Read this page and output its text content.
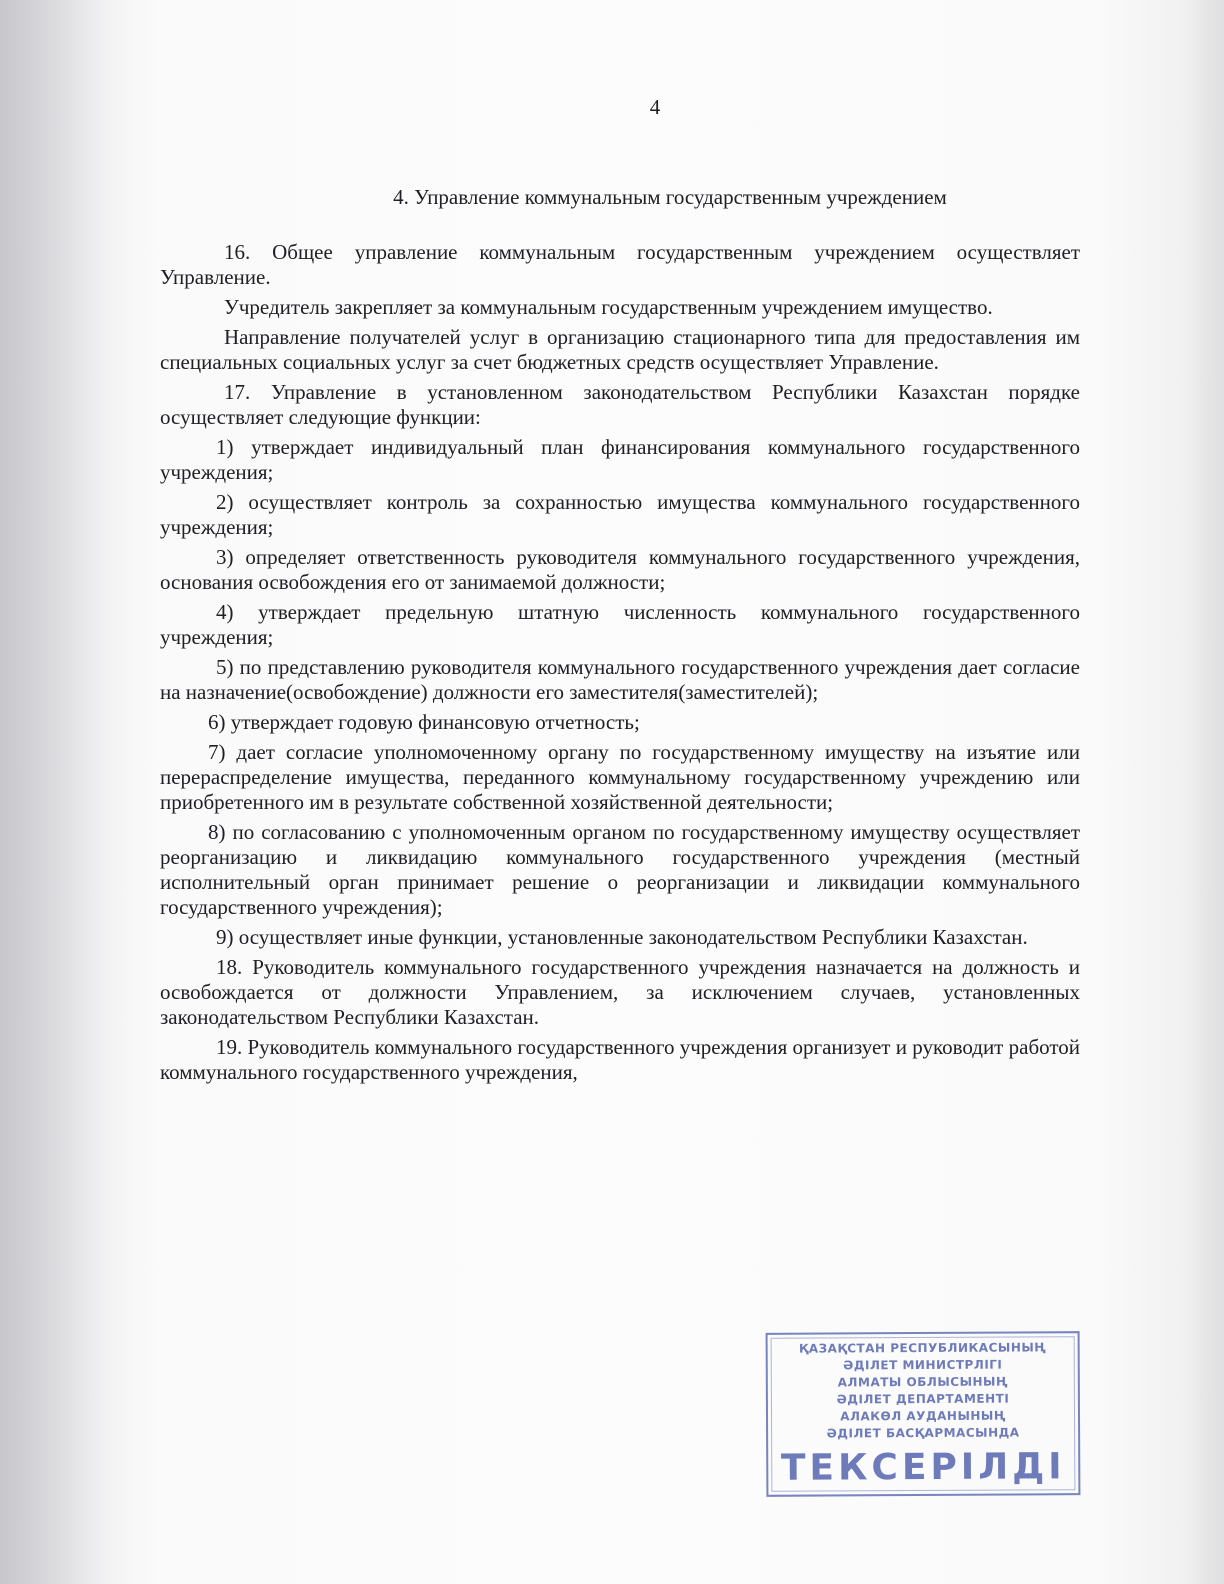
4
4. Управление коммунальным государственным учреждением

16. Общее управление коммунальным государственным учреждением осуществляет Управление.

Учредитель закрепляет за коммунальным государственным учреждением имущество.

Направление получателей услуг в организацию стационарного типа для предоставления им специальных социальных услуг за счет бюджетных средств осуществляет Управление.

17. Управление в установленном законодательством Республики Казахстан порядке осуществляет следующие функции:

1) утверждает индивидуальный план финансирования коммунального государственного учреждения;

2) осуществляет контроль за сохранностью имущества коммунального государственного учреждения;

3) определяет ответственность руководителя коммунального государственного учреждения, основания освобождения его от занимаемой должности;

4) утверждает предельную штатную численность коммунального государственного учреждения;

5) по представлению руководителя коммунального государственного учреждения дает согласие на назначение(освобождение) должности его заместителя(заместителей);

6) утверждает годовую финансовую отчетность;

7) дает согласие уполномоченному органу по государственному имуществу на изъятие или перераспределение имущества, переданного коммунальному государственному учреждению или приобретенного им в результате собственной хозяйственной деятельности;

8) по согласованию с уполномоченным органом по государственному имуществу осуществляет реорганизацию и ликвидацию коммунального государственного учреждения (местный исполнительный орган принимает решение о реорганизации и ликвидации коммунального государственного учреждения);

9) осуществляет иные функции, установленные законодательством Республики Казахстан.

18. Руководитель коммунального государственного учреждения назначается на должность и освобождается от должности Управлением, за исключением случаев, установленных законодательством Республики Казахстан.

19. Руководитель коммунального государственного учреждения организует и руководит работой коммунального государственного учреждения,

ҚАЗАҚСТАН РЕСПУБЛИКАСЫНЫҢ
ӘДІЛЕТ МИНИСТРЛІГІ
АЛМАТЫ ОБЛЫСЫНЫҢ
ӘДІЛЕТ ДЕПАРТАМЕНТІ
АЛАКӨЛ АУДАНЫНЫҢ
ӘДІЛЕТ БАСҚАРМАСЫНДА
ТЕКСЕРІЛДІ
